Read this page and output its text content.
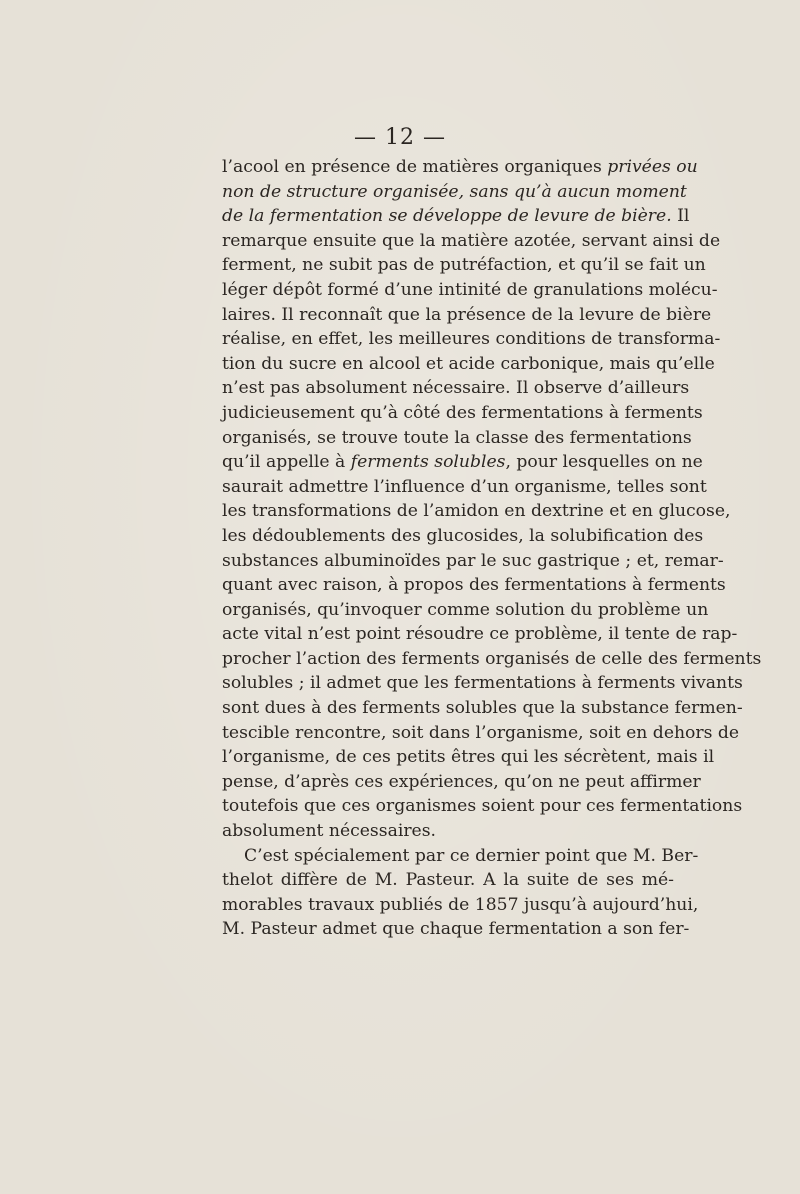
— 12 —
l’acool en présence de matières organiques privées ou
non de structure organisée, sans qu’à aucun moment
de la fermentation se développe de levure de bière. Il
remarque ensuite que la matière azotée, servant ainsi de
ferment, ne subit pas de putréfaction, et qu’il se fait un
léger dépôt formé d’une intinité de granulations molécu-
laires. Il reconnaît que la présence de la levure de bière
réalise, en effet, les meilleures conditions de transforma-
tion du sucre en alcool et acide carbonique, mais qu’elle
n’est pas absolument nécessaire. Il observe d’ailleurs
judicieusement qu’à côté des fermentations à ferments
organisés, se trouve toute la classe des fermentations
qu’il appelle à ferments solubles, pour lesquelles on ne
saurait admettre l’influence d’un organisme, telles sont
les transformations de l’amidon en dextrine et en glucose,
les dédoublements des glucosides, la solubification des
substances albuminoïdes par le suc gastrique ; et, remar-
quant avec raison, à propos des fermentations à ferments
organisés, qu’invoquer comme solution du problème un
acte vital n’est point résoudre ce problème, il tente de rap-
procher l’action des ferments organisés de celle des ferments
solubles ; il admet que les fermentations à ferments vivants
sont dues à des ferments solubles que la substance fermen-
tescible rencontre, soit dans l’organisme, soit en dehors de
l’organisme, de ces petits êtres qui les sécrètent, mais il
pense, d’après ces expériences, qu’on ne peut affirmer
toutefois que ces organismes soient pour ces fermentations
absolument nécessaires.
C’est spécialement par ce dernier point que M. Ber-
thelot diffère de M. Pasteur. A la suite de ses mé-
morables travaux publiés de 1857 jusqu’à aujourd’hui,
M. Pasteur admet que chaque fermentation a son fer-
